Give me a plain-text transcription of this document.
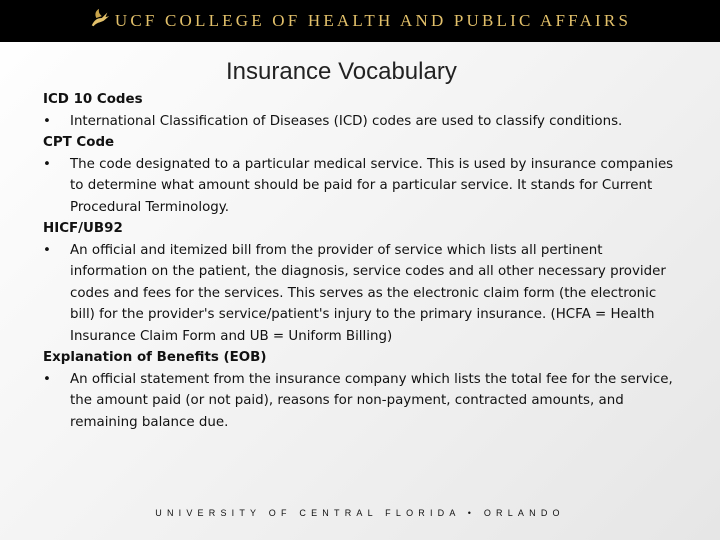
UCF COLLEGE OF HEALTH AND PUBLIC AFFAIRS
Insurance Vocabulary
ICD 10 Codes
•	International Classification of Diseases (ICD) codes are used to classify conditions.
CPT Code
•	The code designated to a particular medical service. This is used by insurance companies to determine what amount should be paid for a particular service. It stands for Current Procedural Terminology.
HICF/UB92
•	An official and itemized bill from the provider of service which lists all pertinent information on the patient, the diagnosis, service codes and all other necessary provider codes and fees for the services. This serves as the electronic claim form (the electronic bill) for the provider's service/patient's injury to the primary insurance. (HCFA = Health Insurance Claim Form and UB = Uniform Billing)
Explanation of Benefits (EOB)
•	An official statement from the insurance company which lists the total fee for the service, the amount paid (or not paid), reasons for non-payment, contracted amounts, and remaining balance due.
UNIVERSITY OF CENTRAL FLORIDA • ORLANDO
